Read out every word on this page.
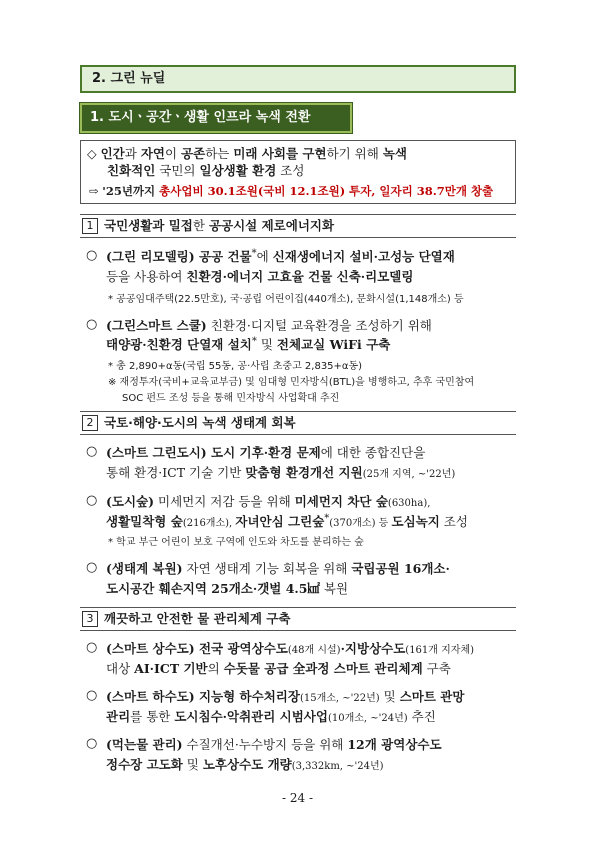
2. 그린 뉴딜
1. 도시ㆍ공간ㆍ생활 인프라 녹색 전환
◇ 인간과 자연이 공존하는 미래 사회를 구현하기 위해 녹색
친화적인 국민의 일상생활 환경 조성
⇨ '25년까지 총사업비 30.1조원(국비 12.1조원) 투자, 일자리 38.7만개 창출
1 국민생활과 밀접한 공공시설 제로에너지화
○ (그린 리모델링) 공공 건물*에 신재생에너지 설비·고성능 단열재
등을 사용하여 친환경·에너지 고효율 건물 신축·리모델링
* 공공임대주택(22.5만호), 국·공립 어린이집(440개소), 문화시설(1,148개소) 등
○ (그린스마트 스쿨) 친환경·디지털 교육환경을 조성하기 위해
태양광·친환경 단열재 설치* 및 전체교실 WiFi 구축
* 총 2,890+α동(국립 55동, 공·사립 초중고 2,835+α동)
※ 재정투자(국비+교육교부금) 및 임대형 민자방식(BTL)을 병행하고, 추후 국민참여
SOC 펀드 조성 등을 통해 민자방식 사업확대 추진
2 국토·해양·도시의 녹색 생태계 회복
○ (스마트 그린도시) 도시 기후·환경 문제에 대한 종합진단을
통해 환경·ICT 기술 기반 맞춤형 환경개선 지원(25개 지역, ~'22년)
○ (도시숲) 미세먼지 저감 등을 위해 미세먼지 차단 숲(630ha),
생활밀착형 숲(216개소), 자녀안심 그린숲*(370개소) 등 도심녹지 조성
* 학교 부근 어린이 보호 구역에 인도와 차도를 분리하는 숲
○ (생태계 복원) 자연 생태계 기능 회복을 위해 국립공원 16개소·
도시공간 훼손지역 25개소·갯벌 4.5㎢ 복원
3 깨끗하고 안전한 물 관리체계 구축
○ (스마트 상수도) 전국 광역상수도(48개 시설)·지방상수도(161개 지자체)
대상 AI·ICT 기반의 수돗물 공급 全과정 스마트 관리체계 구축
○ (스마트 하수도) 지능형 하수처리장(15개소, ~'22년) 및 스마트 관망
관리를 통한 도시침수·악취관리 시범사업(10개소, ~'24년) 추진
○ (먹는물 관리) 수질개선·누수방지 등을 위해 12개 광역상수도
정수장 고도화 및 노후상수도 개량(3,332km, ~'24년)
- 24 -
